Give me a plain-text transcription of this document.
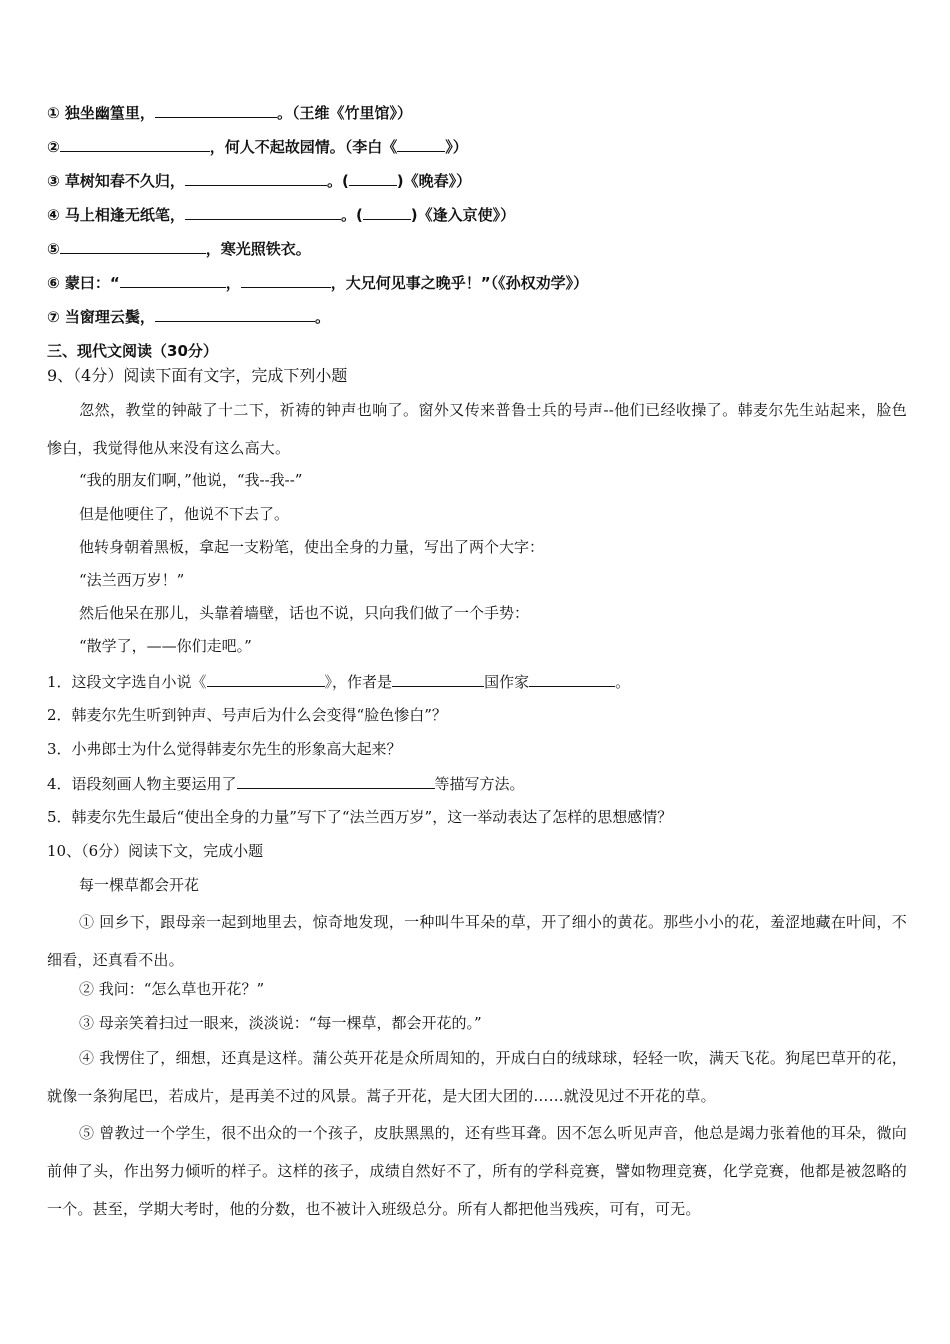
① 独坐幽篁里，	。（王维《竹里馆》）
②	，何人不起故园情。（李白《	》）
③ 草树知春不久归，	。(	)《晚春》）
④ 马上相逢无纸笔，	。(	)《逢入京使》）
⑤	，寒光照铁衣。
⑥ 蒙曰：“	，	，大兄何见事之晚乎！”（《孙权劝学》）
⑦ 当窗理云鬓，	。
三、现代文阅读（30分）
9、（4分）阅读下面有文字，完成下列小题
忽然，教堂的钟敲了十二下，祈祷的钟声也响了。窗外又传来普鲁士兵的号声--他们已经收操了。韩麦尔先生站起来，脸色惨白，我觉得他从来没有这么高大。
“我的朋友们啊，”他说，“我--我--”
但是他哽住了，他说不下去了。
他转身朝着黑板，拿起一支粉笔，使出全身的力量，写出了两个大字：
“法兰西万岁！”
然后他呆在那儿，头靠着墙壁，话也不说，只向我们做了一个手势：
“散学了，——你们走吧。”
1．这段文字选自小说《	》，作者是	国作家	。
2．韩麦尔先生听到钟声、号声后为什么会变得“脸色惨白”？
3．小弗郎士为什么觉得韩麦尔先生的形象高大起来？
4．语段刻画人物主要运用了	等描写方法。
5．韩麦尔先生最后“使出全身的力量”写下了“法兰西万岁”，这一举动表达了怎样的思想感情？
10、（6分）阅读下文，完成小题
每一棵草都会开花
① 回乡下，跟母亲一起到地里去，惊奇地发现，一种叫牛耳朵的草，开了细小的黄花。那些小小的花，羞涩地藏在叶间，不细看，还真看不出。
② 我问：“怎么草也开花？”
③ 母亲笑着扫过一眼来，淡淡说：“每一棵草，都会开花的。”
④ 我愣住了，细想，还真是这样。蒲公英开花是众所周知的，开成白白的绒球球，轻轻一吹，满天飞花。狗尾巴草开的花，就像一条狗尾巴，若成片，是再美不过的风景。蒿子开花，是大团大团的……就没见过不开花的草。
⑤ 曾教过一个学生，很不出众的一个孩子，皮肤黑黑的，还有些耳聋。因不怎么听见声音，他总是竭力张着他的耳朵，微向前伸了头，作出努力倾听的样子。这样的孩子，成绩自然好不了，所有的学科竞赛，譬如物理竞赛，化学竞赛，他都是被忽略的一个。甚至，学期大考时，他的分数，也不被计入班级总分。所有人都把他当残疾，可有，可无。
